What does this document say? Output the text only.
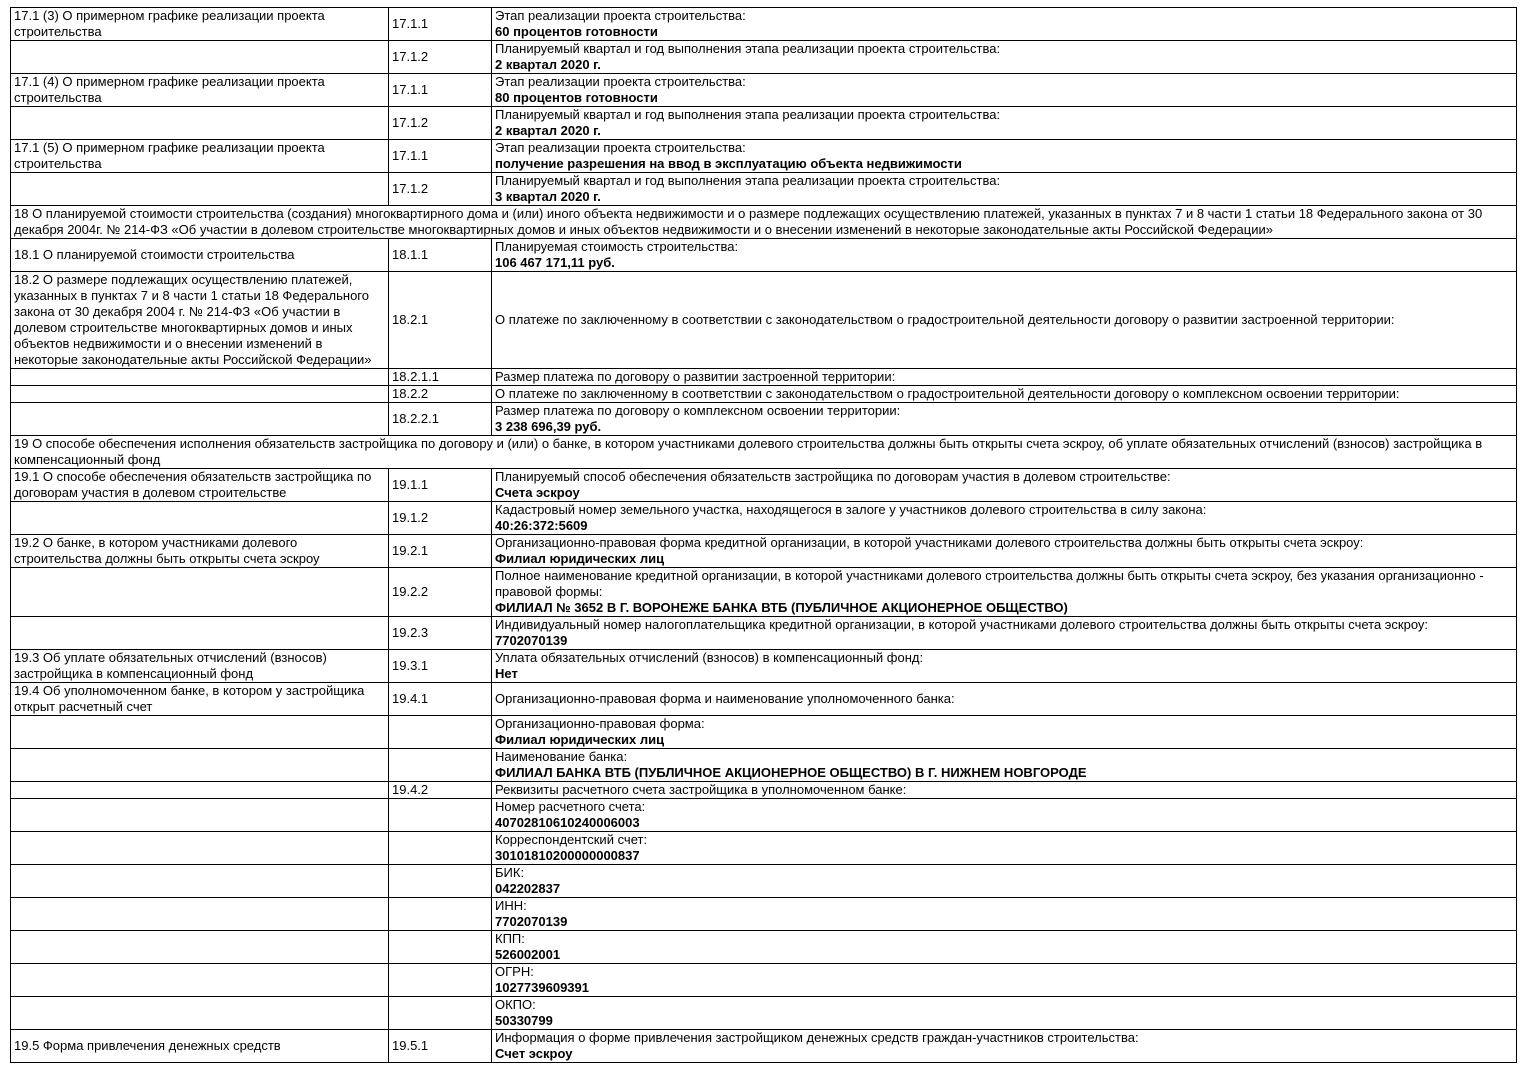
17.1 (3) О примерном графике реализации проекта строительства	17.1.1	Этап реализации проекта строительства:
60 процентов готовности

	17.1.2	Планируемый квартал и год выполнения этапа реализации проекта строительства:
2 квартал 2020 г.

17.1 (4) О примерном графике реализации проекта строительства	17.1.1	Этап реализации проекта строительства:
80 процентов готовности

	17.1.2	Планируемый квартал и год выполнения этапа реализации проекта строительства:
2 квартал 2020 г.

17.1 (5) О примерном графике реализации проекта строительства	17.1.1	Этап реализации проекта строительства:
получение разрешения на ввод в эксплуатацию объекта недвижимости

	17.1.2	Планируемый квартал и год выполнения этапа реализации проекта строительства:
3 квартал 2020 г.

18 О планируемой стоимости строительства (создания) многоквартирного дома и (или) иного объекта недвижимости и о размере подлежащих осуществлению платежей, указанных в пунктах 7 и 8 части 1 статьи 18 Федерального закона от 30 декабря 2004г. № 214-ФЗ «Об участии в долевом строительстве многоквартирных домов и иных объектов недвижимости и о внесении изменений в некоторые законодательные акты Российской Федерации»		
18.1 О планируемой стоимости строительства	18.1.1	Планируемая стоимость строительства:
106 467 171,11 руб.

18.2 О размере подлежащих осуществлению платежей, указанных в пунктах 7 и 8 части 1 статьи 18 Федерального закона от 30 декабря 2004 г. № 214-ФЗ «Об участии в долевом строительстве многоквартирных домов и иных объектов недвижимости и о внесении изменений в некоторые законодательные акты Российской Федерации»	18.2.1	О платеже по заключенному в соответствии с законодательством о градостроительной деятельности договору о развитии застроенной территории:

	18.2.1.1	Размер платежа по договору о развитии застроенной территории:

	18.2.2	О платеже по заключенному в соответствии с законодательством о градостроительной деятельности договору о комплексном освоении территории:

	18.2.2.1	Размер платежа по договору о комплексном освоении территории:
3 238 696,39 руб.

19 О способе обеспечения исполнения обязательств застройщика по договору и (или) о банке, в котором участниками долевого строительства должны быть открыты счета эскроу, об уплате обязательных отчислений (взносов) застройщика в компенсационный фонд		
19.1 О способе обеспечения обязательств застройщика по договорам участия в долевом строительстве	19.1.1	Планируемый способ обеспечения обязательств застройщика по договорам участия в долевом строительстве:
Счета эскроу

	19.1.2	Кадастровый номер земельного участка, находящегося в залоге у участников долевого строительства в силу закона:
40:26:372:5609

19.2 О банке, в котором участниками долевого строительства должны быть открыты счета эскроу	19.2.1	Организационно-правовая форма кредитной организации, в которой участниками долевого строительства должны быть открыты счета эскроу:
Филиал юридических лиц

	19.2.2	Полное наименование кредитной организации, в которой участниками долевого строительства должны быть открыты счета эскроу, без указания организационно - правовой формы:
ФИЛИАЛ № 3652 В Г. ВОРОНЕЖЕ БАНКА ВТБ (ПУБЛИЧНОЕ АКЦИОНЕРНОЕ ОБЩЕСТВО)

	19.2.3	Индивидуальный номер налогоплательщика кредитной организации, в которой участниками долевого строительства должны быть открыты счета эскроу:
7702070139

19.3 Об уплате обязательных отчислений (взносов) застройщика в компенсационный фонд	19.3.1	Уплата обязательных отчислений (взносов) в компенсационный фонд:
Нет

19.4 Об уполномоченном банке, в котором у застройщика открыт расчетный счет	19.4.1	Организационно-правовая форма и наименование уполномоченного банка:

		Организационно-правовая форма:
Филиал юридических лиц

		Наименование банка:
ФИЛИАЛ БАНКА ВТБ (ПУБЛИЧНОЕ АКЦИОНЕРНОЕ ОБЩЕСТВО) В Г. НИЖНЕМ НОВГОРОДЕ

	19.4.2	Реквизиты расчетного счета застройщика в уполномоченном банке:

		Номер расчетного счета:
40702810610240006003

		Корреспондентский счет:
30101810200000000837

		БИК:
042202837

		ИНН:
7702070139

		КПП:
526002001

		ОГРН:
1027739609391

		ОКПО:
50330799

19.5 Форма привлечения денежных средств	19.5.1	Информация о форме привлечения застройщиком денежных средств граждан-участников строительства:
Счет эскроу
